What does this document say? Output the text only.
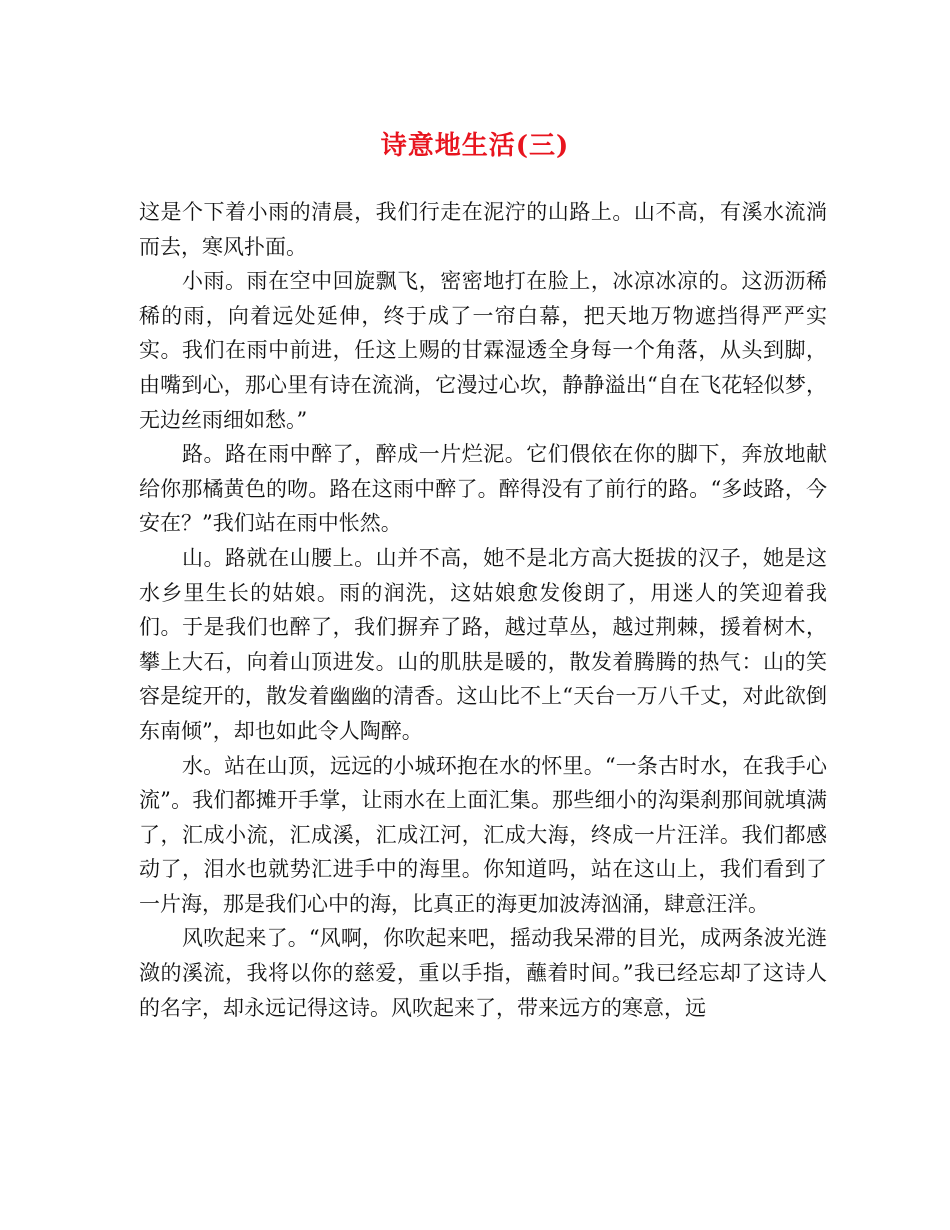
诗意地生活(三)

这是个下着小雨的清晨，我们行走在泥泞的山路上。山不高，有溪水流淌而去，寒风扑面。

小雨。雨在空中回旋飘飞，密密地打在脸上，冰凉冰凉的。这沥沥稀稀的雨，向着远处延伸，终于成了一帘白幕，把天地万物遮挡得严严实实。我们在雨中前进，任这上赐的甘霖湿透全身每一个角落，从头到脚，由嘴到心，那心里有诗在流淌，它漫过心坎，静静溢出“自在飞花轻似梦，无边丝雨细如愁。”

路。路在雨中醉了，醉成一片烂泥。它们偎依在你的脚下，奔放地献给你那橘黄色的吻。路在这雨中醉了。醉得没有了前行的路。“多歧路，今安在？”我们站在雨中怅然。

山。路就在山腰上。山并不高，她不是北方高大挺拔的汉子，她是这水乡里生长的姑娘。雨的润洗，这姑娘愈发俊朗了，用迷人的笑迎着我们。于是我们也醉了，我们摒弃了路，越过草丛，越过荆棘，援着树木，攀上大石，向着山顶进发。山的肌肤是暖的，散发着腾腾的热气：山的笑容是绽开的，散发着幽幽的清香。这山比不上“天台一万八千丈，对此欲倒东南倾”，却也如此令人陶醉。

水。站在山顶，远远的小城环抱在水的怀里。“一条古时水，在我手心流”。我们都摊开手掌，让雨水在上面汇集。那些细小的沟渠刹那间就填满了，汇成小流，汇成溪，汇成江河，汇成大海，终成一片汪洋。我们都感动了，泪水也就势汇进手中的海里。你知道吗，站在这山上，我们看到了一片海，那是我们心中的海，比真正的海更加波涛汹涌，肆意汪洋。

风吹起来了。“风啊，你吹起来吧，摇动我呆滞的目光，成两条波光涟潋的溪流，我将以你的慈爱，重以手指，蘸着时间。”我已经忘却了这诗人的名字，却永远记得这诗。风吹起来了，带来远方的寒意，远
